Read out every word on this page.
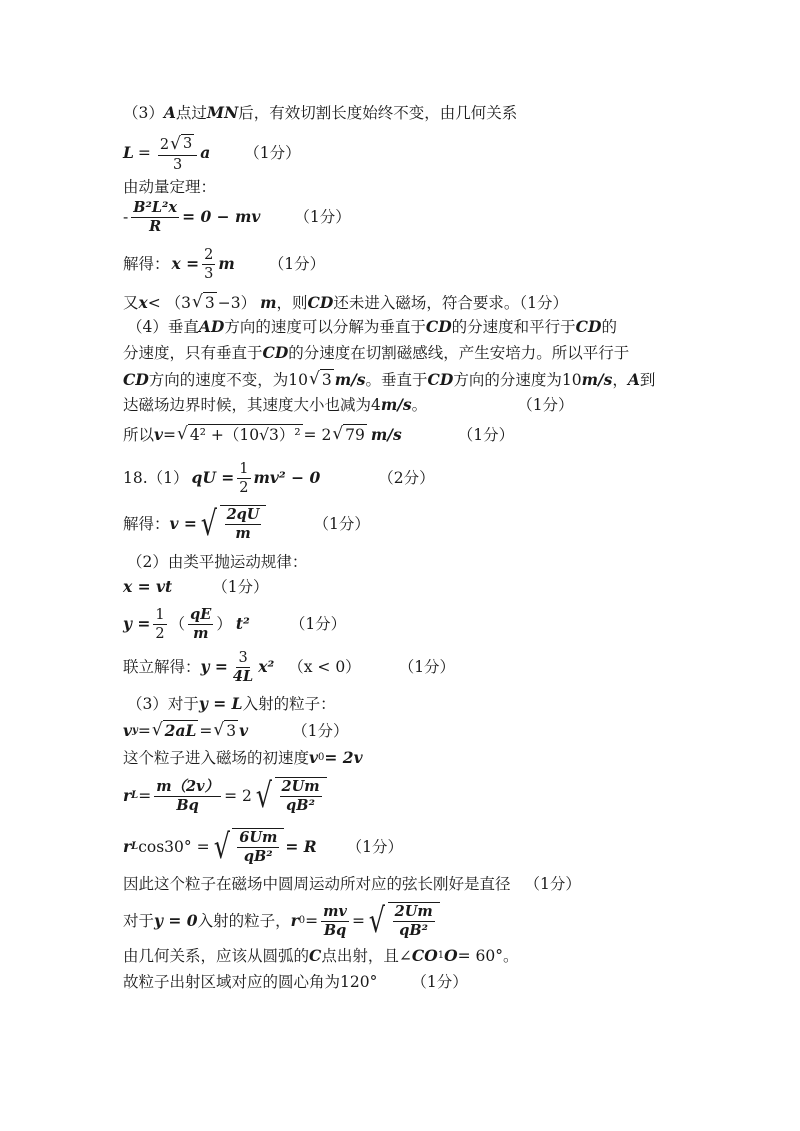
（3） A 点过 MN 后，有效切割长度始终不变，由几何关系
$L = \frac{2 √ 3}{3}$ a （1分）
由动量定理：
- $\frac{\text{B²L²x}}{R} = 0$ − mv （1分）
解得： $x = \frac{2}{3}$ m （1分）
又 x < （3 √ 3 −3） m ，则 CD 还未进入磁场，符合要求。（1分）
（4）垂直 AD 方向的速度可以分解为垂直于 CD 的分速度和平行于 CD 的
分速度，只有垂直于 CD 的分速度在切割磁感线，产生安培力。所以平行于
CD 方向的速度不变，为10 √ 3 m/s 。垂直于 CD 方向的分速度为10 m/s ， A 到
达磁场边界时候，其速度大小也减为4 m/s 。	（1分）
所以 v = √ 4² +（10√3）² = 2 √ 79 m/s	（1分）
18.（1） qU = $\frac{1}{2} mv^2 - 0$	（2分）
解得： v = √ $\frac{2qU}{m}$	（1分）
（2）由类平抛运动规律：
x = vt	（1分）
$y = \frac{1}{2}$ （ $\frac{qE}{m}$ ） t²	（1分）
联立解得： $y = \frac{3}{4L} x^2$ （x < 0） （1分）
（3）对于 y = L 入射的粒子：
v y = √ 2aL = √ 3 v	（1分）
这个粒子进入磁场的初速度 v 0 = 2v
r $L = \frac{m(2v)}{Bq} = 2$ √ $\frac{2Um}{\text{qB²}}$
r L cos30° = √ $\frac{6Um}{\text{qB²}} = R$ （1分）
因此这个粒子在磁场中圆周运动所对应的弦长刚好是直径 （1分）
对于 y = 0 入射的粒子， r $0 = \frac{mv}{Bq}$ = √ $\frac{2Um}{\text{qB²}}$
由几何关系，应该从圆弧的 C 点出射，且∠ CO 1 O = 60°。
故粒子出射区域对应的圆心角为120° （1分）
